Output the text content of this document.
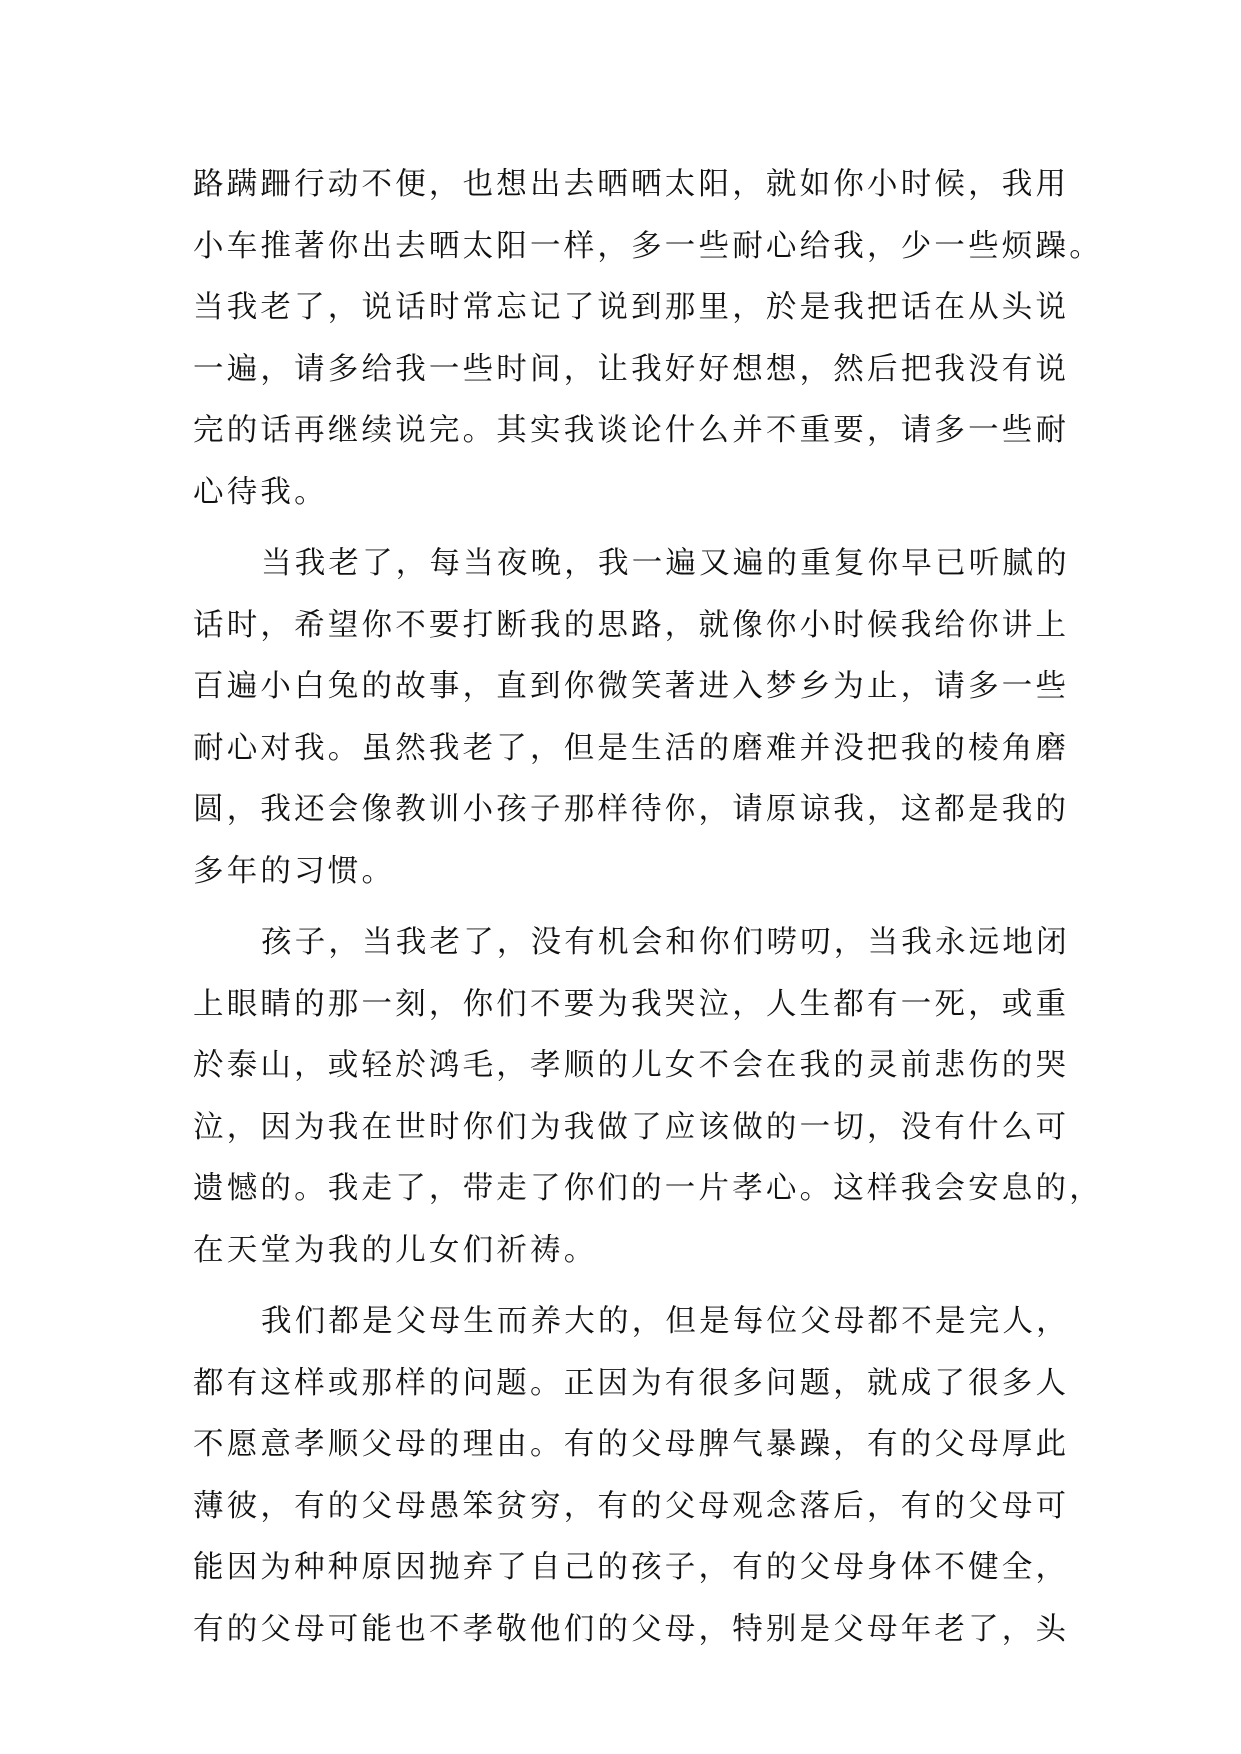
路蹒跚行动不便，也想出去晒晒太阳，就如你小时候，我用
小车推著你出去晒太阳一样，多一些耐心给我，少一些烦躁。
当我老了，说话时常忘记了说到那里，於是我把话在从头说
一遍，请多给我一些时间，让我好好想想，然后把我没有说
完的话再继续说完。其实我谈论什么并不重要，请多一些耐
心待我。
当我老了，每当夜晚，我一遍又遍的重复你早已听腻的
话时，希望你不要打断我的思路，就像你小时候我给你讲上
百遍小白兔的故事，直到你微笑著进入梦乡为止，请多一些
耐心对我。虽然我老了，但是生活的磨难并没把我的棱角磨
圆，我还会像教训小孩子那样待你，请原谅我，这都是我的
多年的习惯。
孩子，当我老了，没有机会和你们唠叨，当我永远地闭
上眼睛的那一刻，你们不要为我哭泣，人生都有一死，或重
於泰山，或轻於鸿毛，孝顺的儿女不会在我的灵前悲伤的哭
泣，因为我在世时你们为我做了应该做的一切，没有什么可
遗憾的。我走了，带走了你们的一片孝心。这样我会安息的，
在天堂为我的儿女们祈祷。
我们都是父母生而养大的，但是每位父母都不是完人，
都有这样或那样的问题。正因为有很多问题，就成了很多人
不愿意孝顺父母的理由。有的父母脾气暴躁，有的父母厚此
薄彼，有的父母愚笨贫穷，有的父母观念落后，有的父母可
能因为种种原因抛弃了自己的孩子，有的父母身体不健全，
有的父母可能也不孝敬他们的父母，特别是父母年老了，头
